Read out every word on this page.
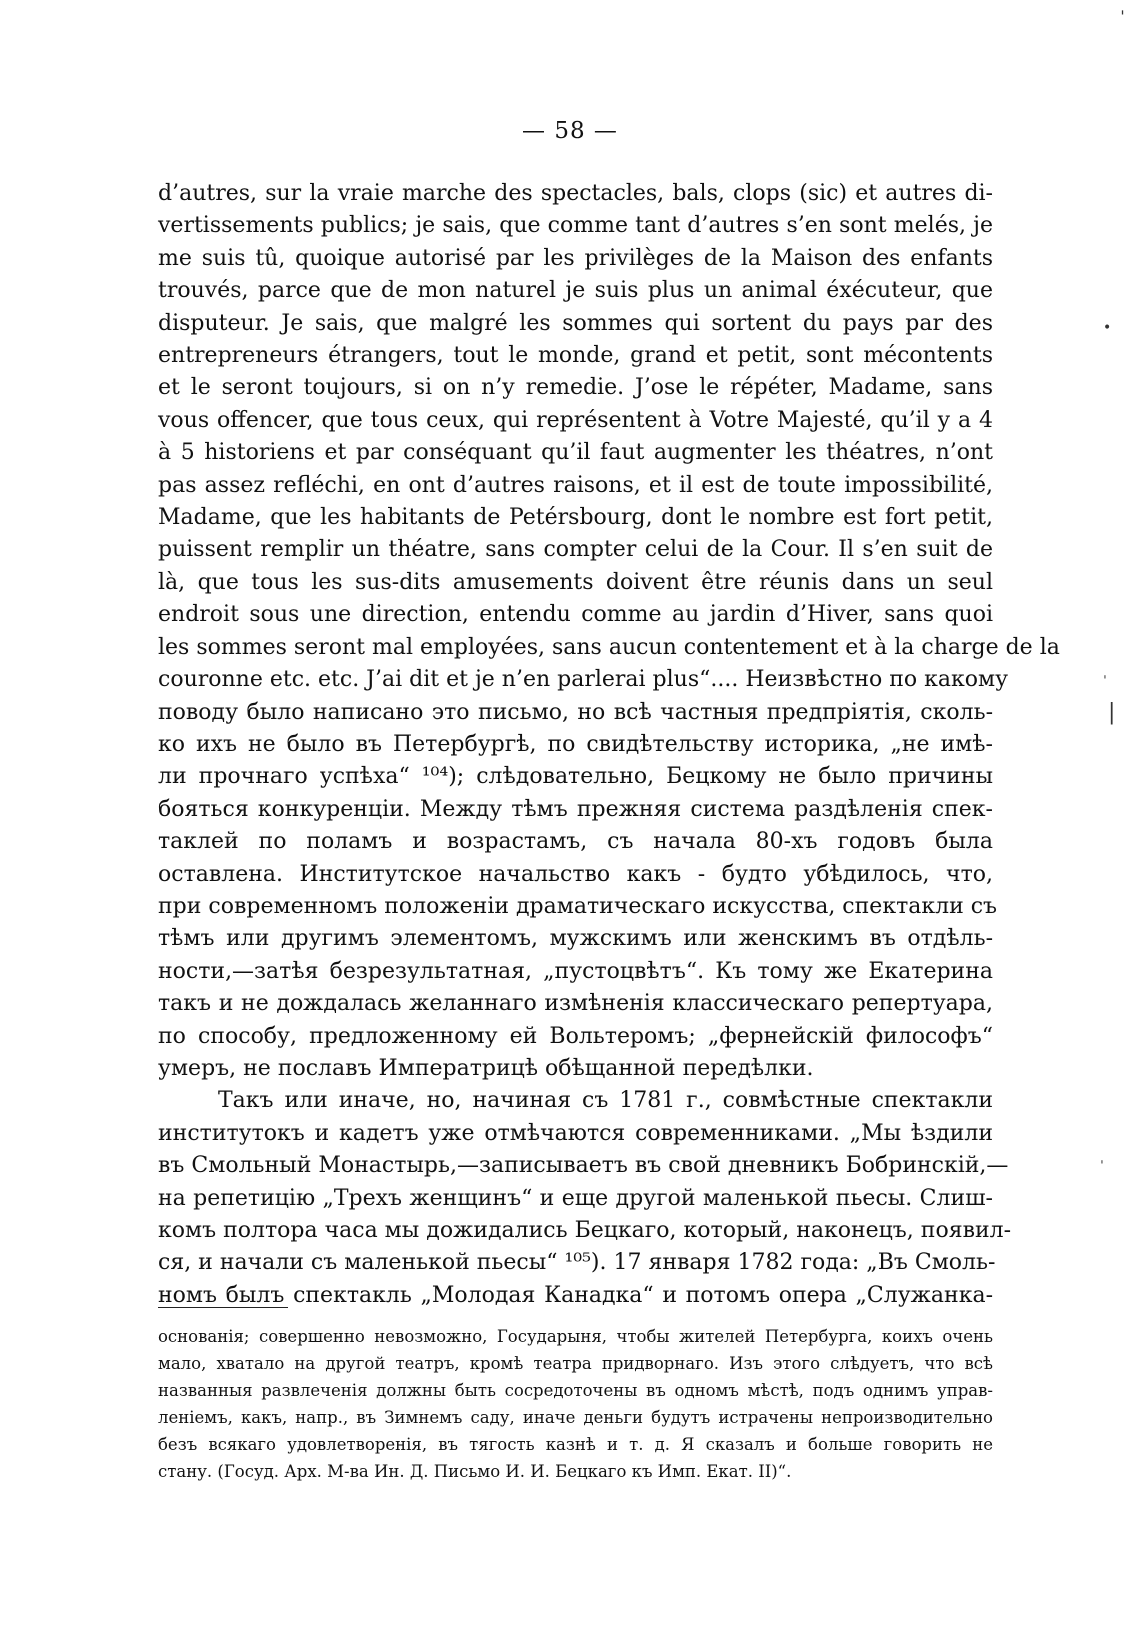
— 58 —
d’autres, sur la vraie marche des spectacles, bals, clops (sic) et autres di-
vertissements publics; je sais, que comme tant d’autres s’en sont melés, je
me suis tû, quoique autorisé par les privilèges de la Maison des enfants
trouvés, parce que de mon naturel je suis plus un animal éxécuteur, que
disputeur. Je sais, que malgré les sommes qui sortent du pays par des
entrepreneurs étrangers, tout le monde, grand et petit, sont mécontents
et le seront toujours, si on n’y remedie. J’ose le répéter, Madame, sans
vous offencer, que tous ceux, qui représentent à Votre Majesté, qu’il y a 4
à 5 historiens et par conséquant qu’il faut augmenter les théatres, n’ont
pas assez refléchi, en ont d’autres raisons, et il est de toute impossibilité,
Madame, que les habitants de Petérsbourg, dont le nombre est fort petit,
puissent remplir un théatre, sans compter celui de la Cour. Il s’en suit de
là, que tous les sus-dits amusements doivent être réunis dans un seul
endroit sous une direction, entendu comme au jardin d’Hiver, sans quoi
les sommes seront mal employées, sans aucun contentement et à la charge de la
couronne etc. etc. J’ai dit et je n’en parlerai plus“.... Неизвѣстно по какому
поводу было написано это письмо, но всѣ частныя предпріятія, сколь-
ко ихъ не было въ Петербургѣ, по свидѣтельству историка, „не имѣ-
ли прочнаго успѣха“ ¹⁰⁴); слѣдовательно, Бецкому не было причины
бояться конкуренціи. Между тѣмъ прежняя система раздѣленія спек-
таклей по поламъ и возрастамъ, съ начала 80-хъ годовъ была
оставлена. Институтское начальство какъ - будто убѣдилось, что,
при современномъ положеніи драматическаго искусства, спектакли съ
тѣмъ или другимъ элементомъ, мужскимъ или женскимъ въ отдѣль-
ности,—затѣя безрезультатная, „пустоцвѣтъ“. Къ тому же Екатерина
такъ и не дождалась желаннаго измѣненія классическаго репертуара,
по способу, предложенному ей Вольтеромъ; „фернейскій философъ“
умеръ, не пославъ Императрицѣ обѣщанной передѣлки.
Такъ или иначе, но, начиная съ 1781 г., совмѣстные спектакли
институтокъ и кадетъ уже отмѣчаются современниками. „Мы ѣздили
въ Смольный Монастырь,—записываетъ въ свой дневникъ Бобринскій,—
на репетицію „Трехъ женщинъ“ и еще другой маленькой пьесы. Слиш-
комъ полтора часа мы дожидались Бецкаго, который, наконецъ, появил-
ся, и начали съ маленькой пьесы“ ¹⁰⁵). 17 января 1782 года: „Въ Смоль-
номъ былъ спектакль „Молодая Канадка“ и потомъ опера „Служанка-
основанія; совершенно невозможно, Государыня, чтобы жителей Петербурга, коихъ очень
мало, хватало на другой театръ, кромѣ театра придворнаго. Изъ этого слѣдуетъ, что всѣ
названныя развлеченія должны быть сосредоточены въ одномъ мѣстѣ, подъ однимъ управ-
леніемъ, какъ, напр., въ Зимнемъ саду, иначе деньги будутъ истрачены непроизводительно
безъ всякаго удовлетворенія, въ тягость казнѣ и т. д. Я сказалъ и больше говорить не
стану. (Госуд. Арх. М-ва Ин. Д. Письмо И. И. Бецкаго къ Имп. Екат. II)“.
ˈ
•
ˌ
|
ˌ
